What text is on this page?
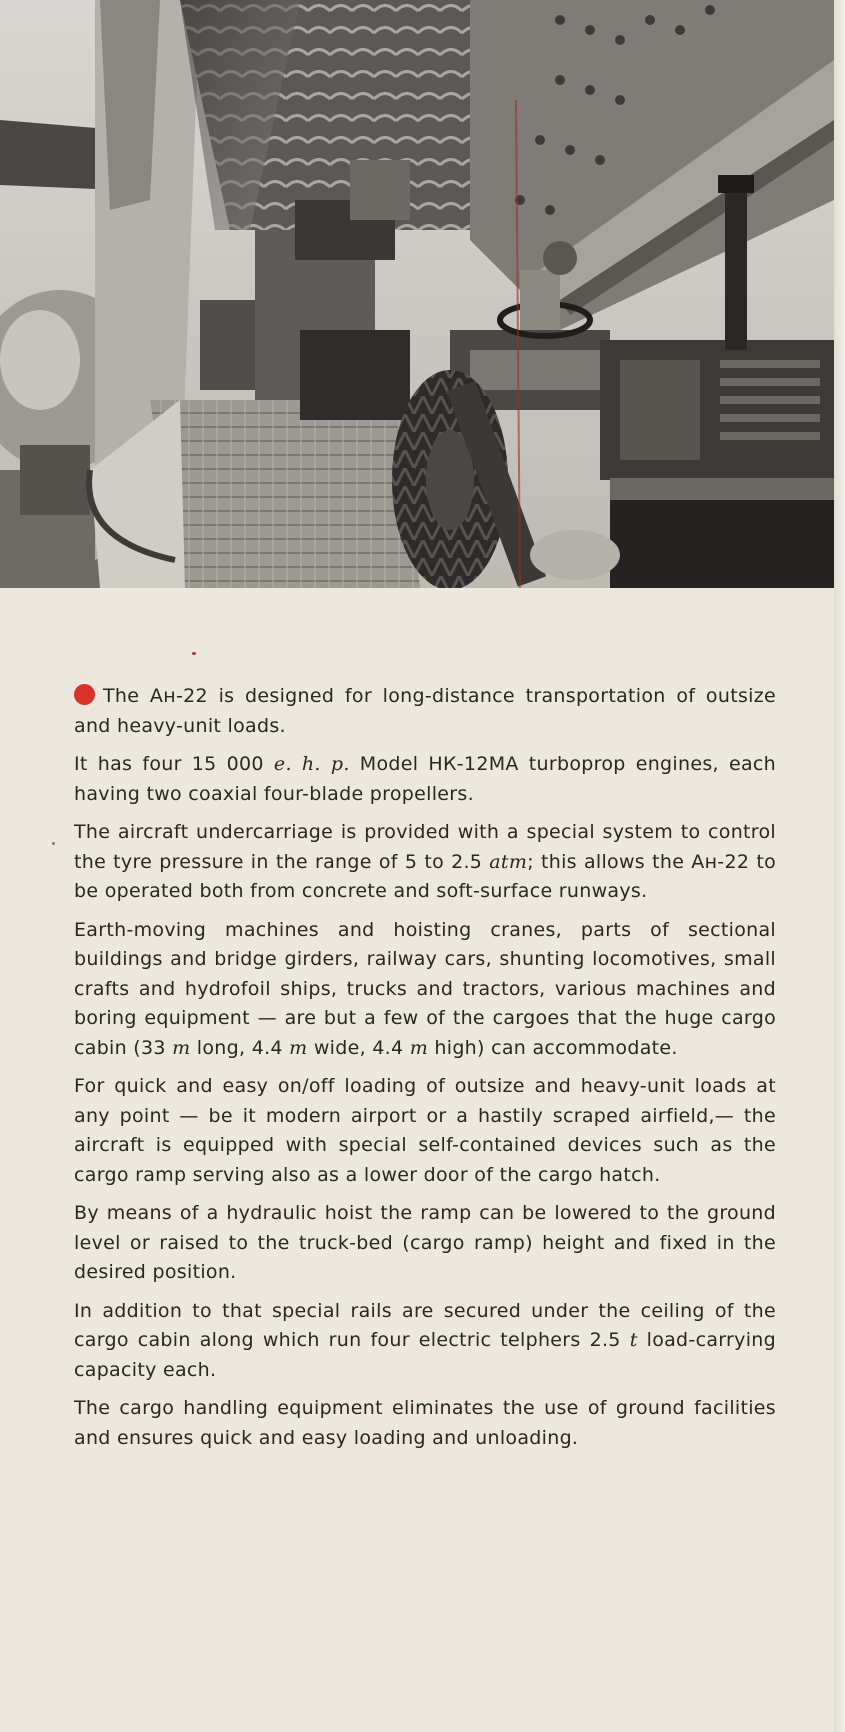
The Ан-22 is designed for long-distance transportation of outsize and heavy-unit loads.

It has four 15 000 e. h. p. Model НК-12МА turboprop engines, each having two coaxial four-blade propellers.

The aircraft undercarriage is provided with a special system to control the tyre pressure in the range of 5 to 2.5 atm; this allows the Ан-22 to be operated both from concrete and soft-surface runways.

Earth-moving machines and hoisting cranes, parts of sectional buildings and bridge girders, railway cars, shunting locomotives, small crafts and hydrofoil ships, trucks and tractors, various machines and boring equipment — are but a few of the cargoes that the huge cargo cabin (33 m long, 4.4 m wide, 4.4 m high) can accommodate.

For quick and easy on/off loading of outsize and heavy-unit loads at any point — be it modern airport or a hastily scraped airfield,— the aircraft is equipped with special self-contained devices such as the cargo ramp serving also as a lower door of the cargo hatch.

By means of a hydraulic hoist the ramp can be lowered to the ground level or raised to the truck-bed (cargo ramp) height and fixed in the desired position.

In addition to that special rails are secured under the ceiling of the cargo cabin along which run four electric telphers 2.5 t load-carrying capacity each.

The cargo handling equipment eliminates the use of ground facilities and ensures quick and easy loading and unloading.
